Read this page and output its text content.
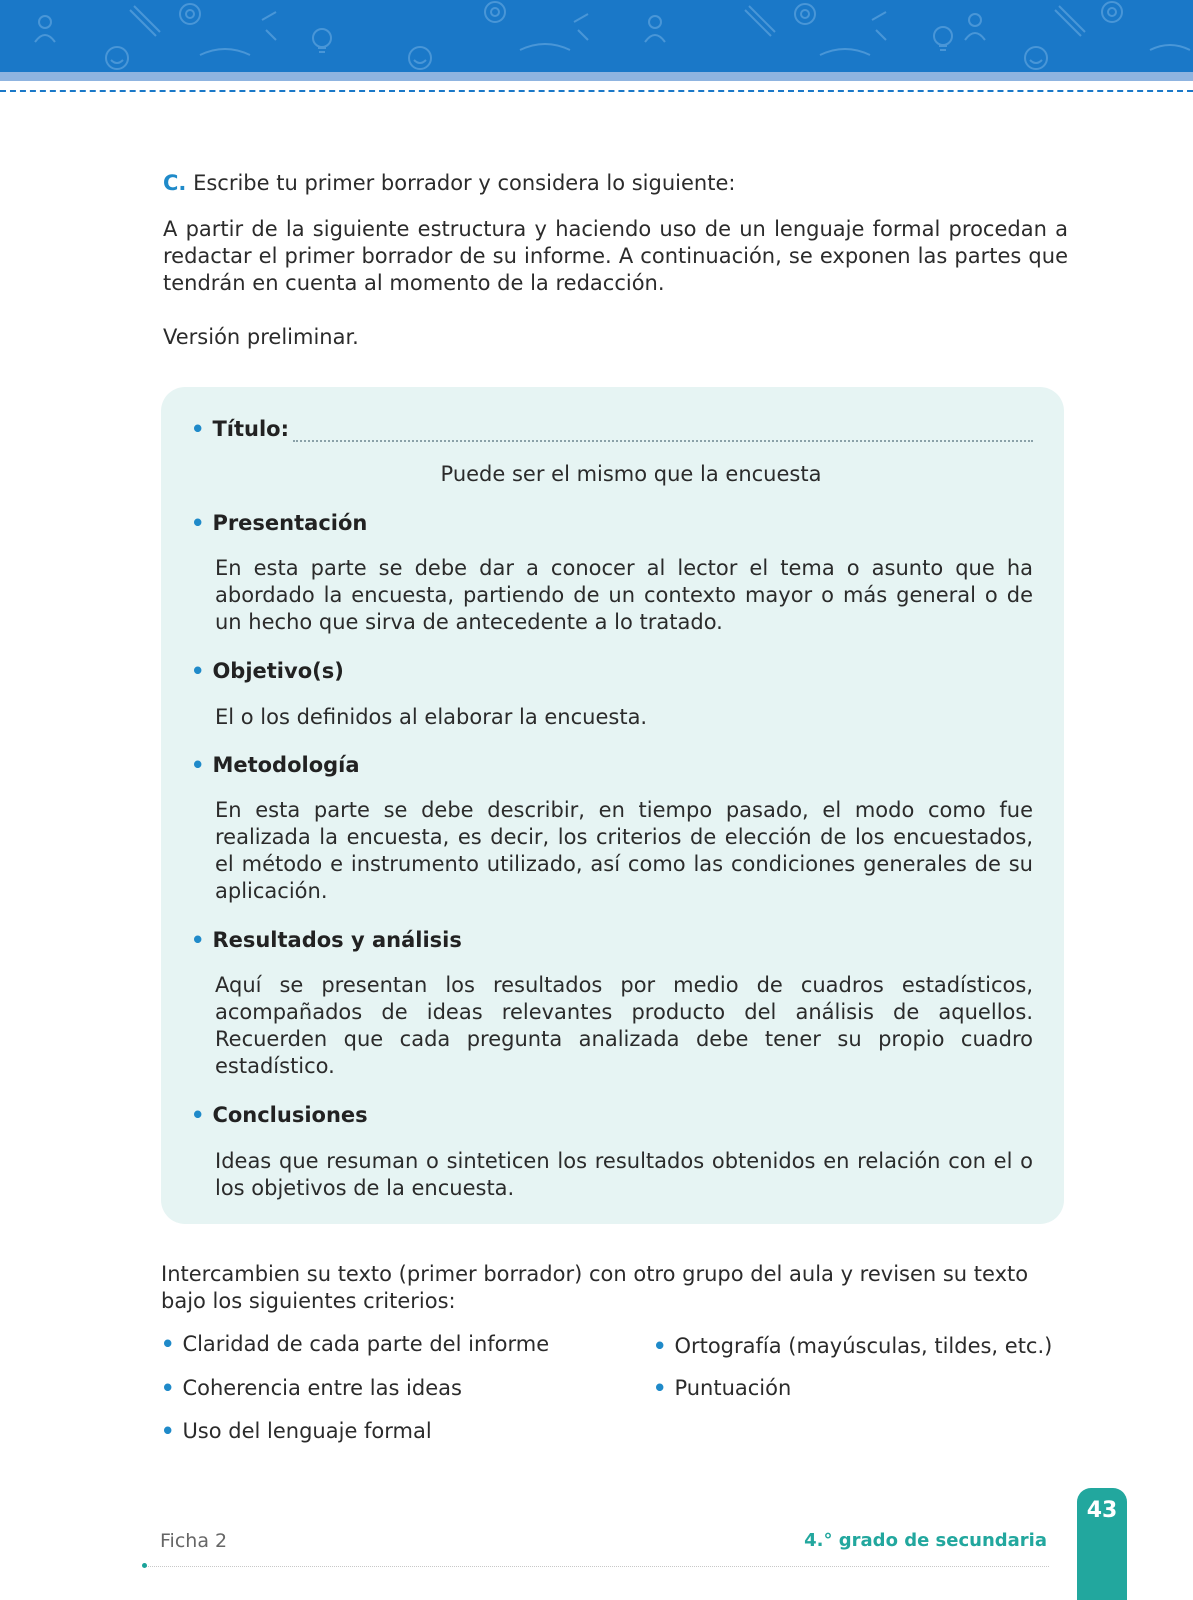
C. Escribe tu primer borrador y considera lo siguiente:
A partir de la siguiente estructura y haciendo uso de un lenguaje formal procedan a redactar el primer borrador de su informe. A continuación, se exponen las partes que tendrán en cuenta al momento de la redacción.
Versión preliminar.
• Título:
Puede ser el mismo que la encuesta
• Presentación
En esta parte se debe dar a conocer al lector el tema o asunto que ha abordado la encuesta, partiendo de un contexto mayor o más general o de un hecho que sirva de antecedente a lo tratado.
• Objetivo(s)
El o los definidos al elaborar la encuesta.
• Metodología
En esta parte se debe describir, en tiempo pasado, el modo como fue realizada la encuesta, es decir, los criterios de elección de los encuestados, el método e instrumento utilizado, así como las condiciones generales de su aplicación.
• Resultados y análisis
Aquí se presentan los resultados por medio de cuadros estadísticos, acompañados de ideas relevantes producto del análisis de aquellos. Recuerden que cada pregunta analizada debe tener su propio cuadro estadístico.
• Conclusiones
Ideas que resuman o sinteticen los resultados obtenidos en relación con el o los objetivos de la encuesta.
Intercambien su texto (primer borrador) con otro grupo del aula y revisen su texto bajo los siguientes criterios:
• Claridad de cada parte del informe
• Coherencia entre las ideas
• Uso del lenguaje formal
• Ortografía (mayúsculas, tildes, etc.)
• Puntuación
Ficha 2	4.° grado de secundaria
43
